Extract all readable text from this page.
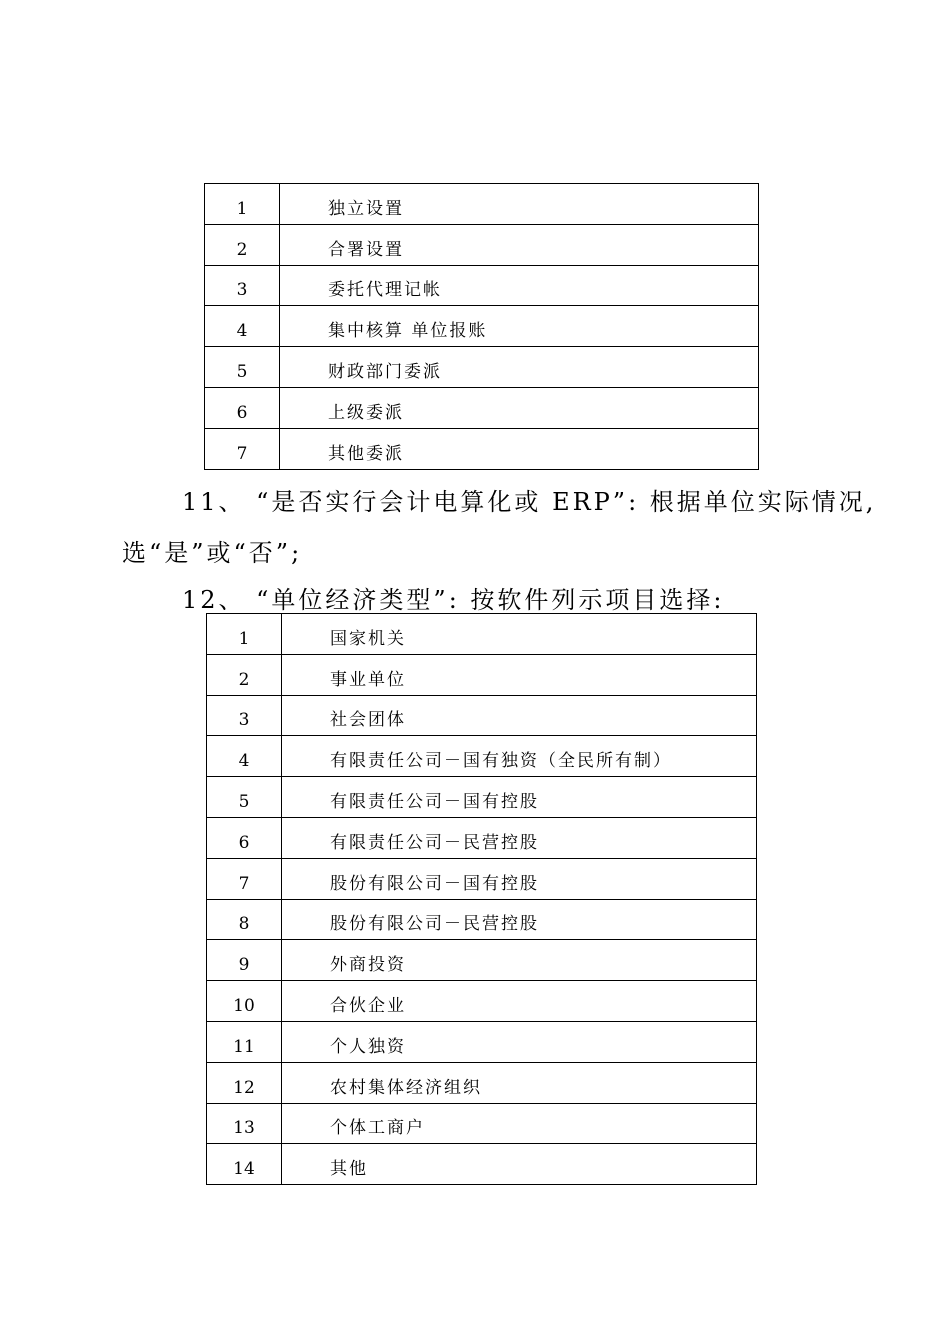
1	独立设置
2	合署设置
3	委托代理记帐
4	集中核算 单位报账
5	财政部门委派
6	上级委派
7	其他委派

11、 “是否实行会计电算化或 ERP”: 根据单位实际情况,

选“是”或“否”;

12、 “单位经济类型”: 按软件列示项目选择:

1	国家机关
2	事业单位
3	社会团体
4	有限责任公司－国有独资（全民所有制）
5	有限责任公司－国有控股
6	有限责任公司－民营控股
7	股份有限公司－国有控股
8	股份有限公司－民营控股
9	外商投资
10	合伙企业
11	个人独资
12	农村集体经济组织
13	个体工商户
14	其他
